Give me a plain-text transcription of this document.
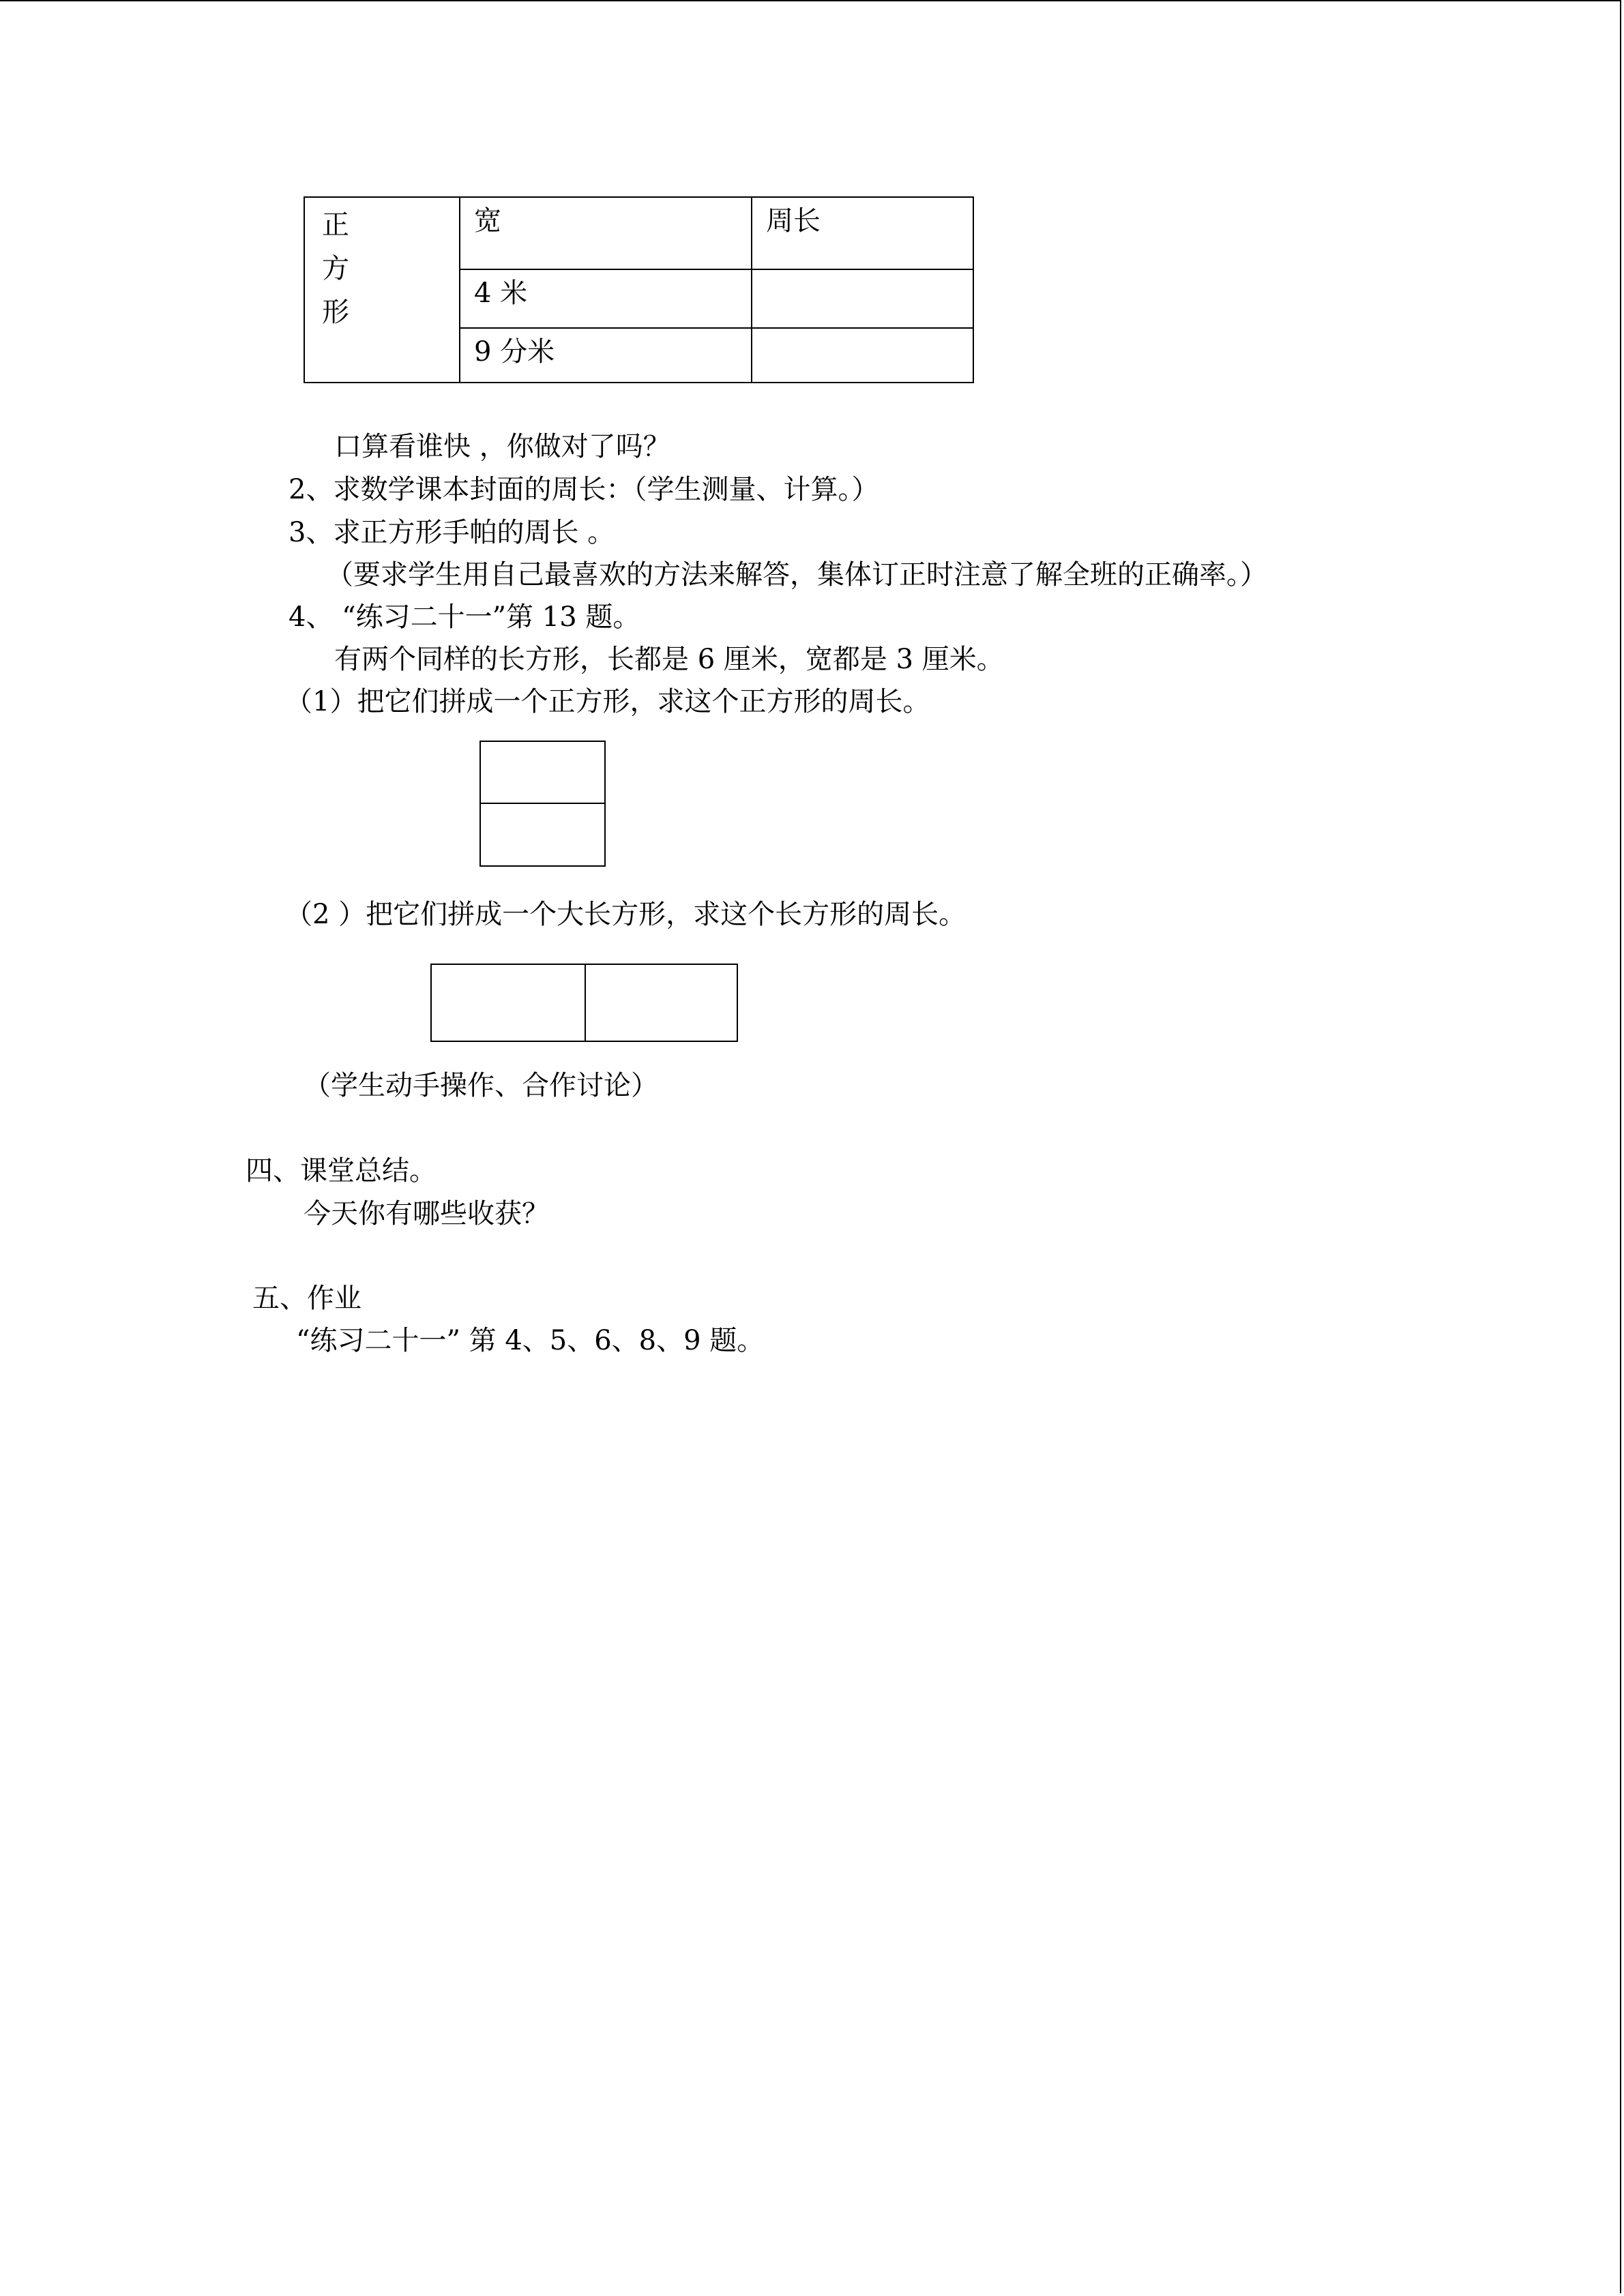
正方形
宽	周长
4 米
9 分米
口算看谁快 ，你做对了吗？
2、求数学课本封面的周长：（学生测量、计算。）
3、求正方形手帕的周长 。
（要求学生用自己最喜欢的方法来解答，集体订正时注意了解全班的正确率。）
4、 “练习二十一”第 13 题。
有两个同样的长方形，长都是 6 厘米，宽都是 3 厘米。
（1）把它们拼成一个正方形，求这个正方形的周长。
（2 ）把它们拼成一个大长方形，求这个长方形的周长。
（学生动手操作、合作讨论）
四、课堂总结。
今天你有哪些收获？
五、作业
“练习二十一” 第 4、5、6、8、9 题。
